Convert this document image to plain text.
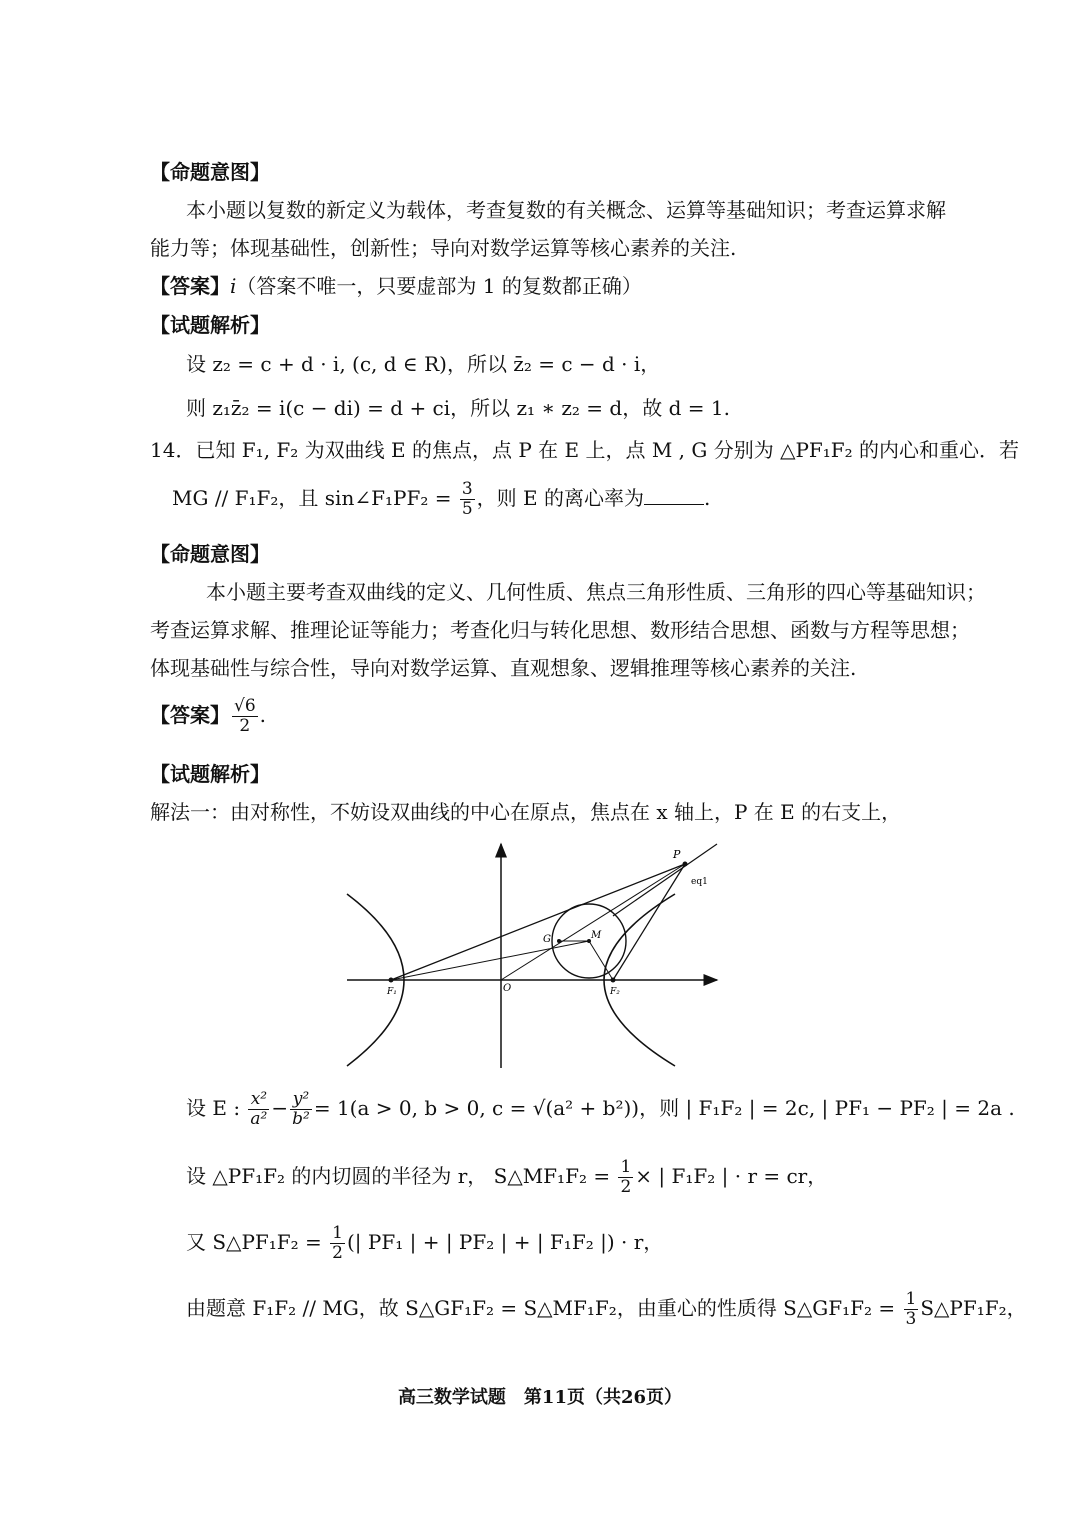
【命题意图】
本小题以复数的新定义为载体，考查复数的有关概念、运算等基础知识；考查运算求解
能力等；体现基础性，创新性；导向对数学运算等核心素养的关注.
【答案】i（答案不唯一，只要虚部为 1 的复数都正确）
【试题解析】
设 z₂ = c + d · i, (c, d ∈ R)，所以 z̄₂ = c − d · i，
则 z₁z̄₂ = i(c − di) = d + ci，所以 z₁ ∗ z₂ = d，故 d = 1.
14．已知 F₁, F₂ 为双曲线 E 的焦点，点 P 在 E 上，点 M , G 分别为 △PF₁F₂ 的内心和重心．若
MG // F₁F₂，且 sin∠F₁PF₂ = $\frac{3}{5}$ ，则 E 的离心率为	.
【命题意图】
本小题主要考查双曲线的定义、几何性质、焦点三角形性质、三角形的四心等基础知识；
考查运算求解、推理论证等能力；考查化归与转化思想、数形结合思想、函数与方程等思想；
体现基础性与综合性，导向对数学运算、直观想象、逻辑推理等核心素养的关注.
【答案】 $\frac{√6}{2}$ .
【试题解析】
解法一：由对称性，不妨设双曲线的中心在原点，焦点在 x 轴上，P 在 E 的右支上，
P
eq1
G	M
F₁	O	F₂
设 E : $\frac{\text{x²}}{\text{a²}} - \frac{\text{y²}}{\text{b²}} = 1(a > 0$, b > 0, c = √(a² + b²))，则 | F₁F₂ | = 2c, | PF₁ − PF₂ | = 2a .
设 △PF₁F₂ 的内切圆的半径为 r， S△MF₁F₂ = $\frac{1}{2}$ × | F₁F₂ | · r = cr，
又 S△PF₁F₂ = $\frac{1}{2}$ (| PF₁ | + | PF₂ | + | F₁F₂ |) · r，
由题意 F₁F₂ // MG，故 S△GF₁F₂ = S△MF₁F₂，由重心的性质得 S△GF₁F₂ = $\frac{1}{3}$ S△PF₁F₂，
高三数学试题　第11页（共26页）
